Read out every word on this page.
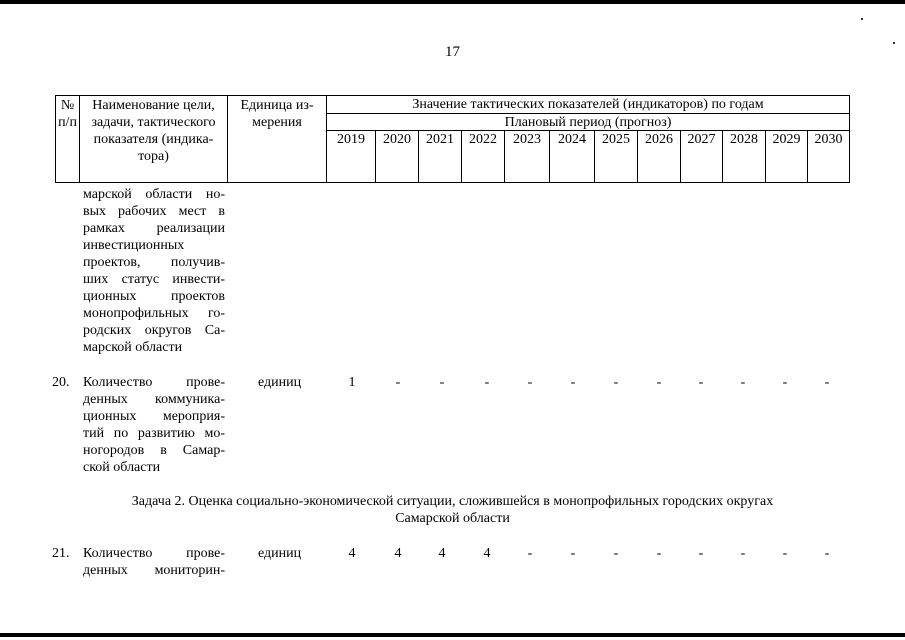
17
№ п/п
Наименование цели,
задачи, тактического
показателя (индика-
тора)
Единица из-
мерения
Значение тактических показателей (индикаторов) по годам
Плановый период (прогноз)
2019	2020	2021	2022	2023	2024	2025	2026	2027	2028	2029	2030
марской области но-
вых рабочих мест в
рамках реализации
инвестиционных
проектов, получив-
ших статус инвести-
ционных проектов
монопрофильных го-
родских округов Са-
марской области
20. Количество прове-
денных коммуника-
ционных мероприя-
тий по развитию мо-
ногородов в Самар-
ской области
единиц	1	-	-	-	-	-	-	-	-	-	-	-
Задача 2. Оценка социально-экономической ситуации, сложившейся в монопрофильных городских округах
Самарской области
21. Количество прове-
денных мониторин-
единиц	4	4	4	4	-	-	-	-	-	-	-	-
